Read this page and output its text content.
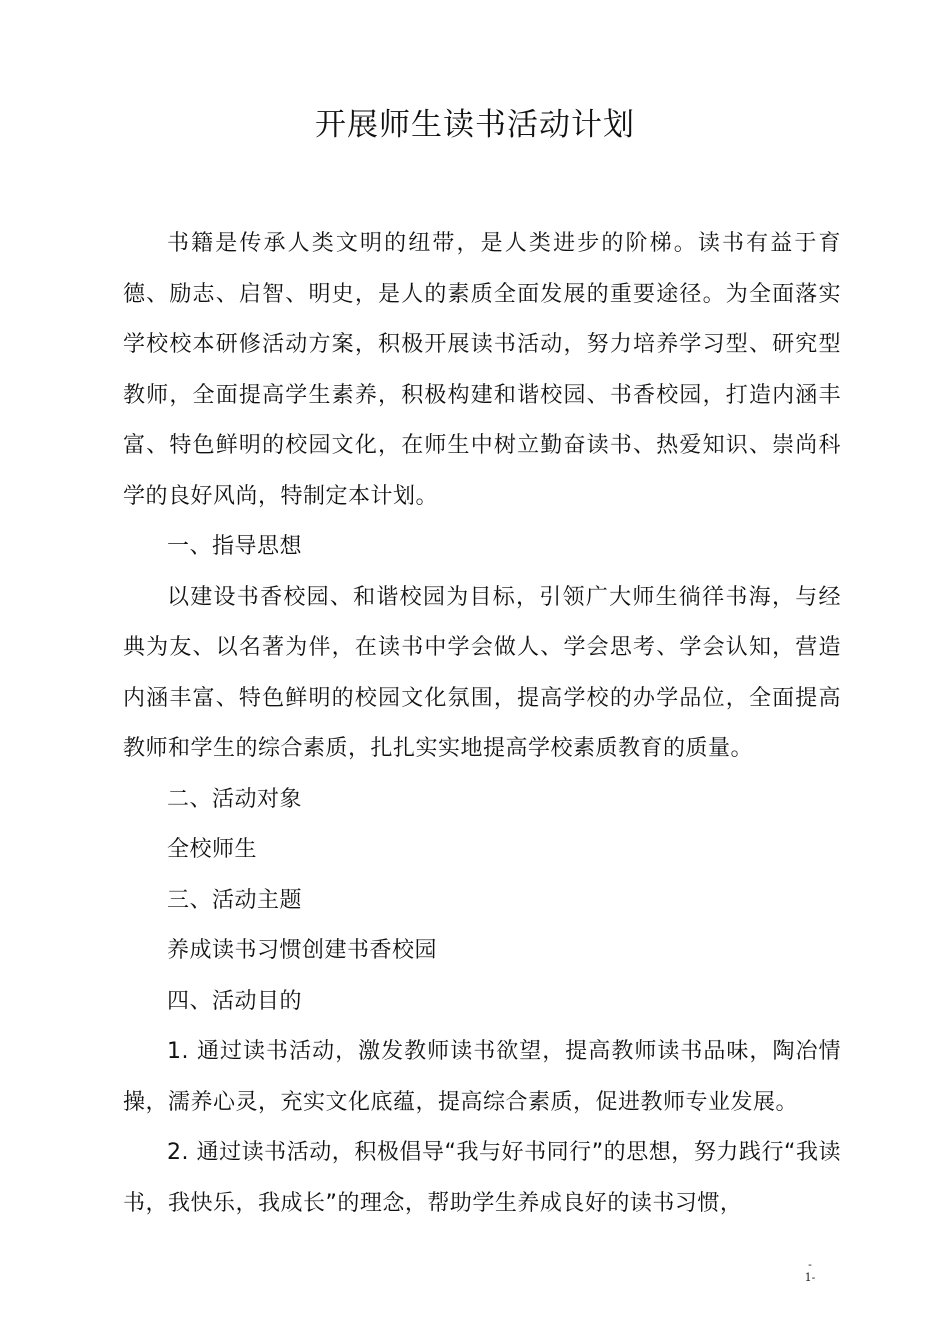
开展师生读书活动计划

书籍是传承人类文明的纽带，是人类进步的阶梯。读书有益于育德、励志、启智、明史，是人的素质全面发展的重要途径。为全面落实学校校本研修活动方案，积极开展读书活动，努力培养学习型、研究型教师，全面提高学生素养，积极构建和谐校园、书香校园，打造内涵丰富、特色鲜明的校园文化，在师生中树立勤奋读书、热爱知识、崇尚科学的良好风尚，特制定本计划。

一、指导思想

以建设书香校园、和谐校园为目标，引领广大师生徜徉书海，与经典为友、以名著为伴，在读书中学会做人、学会思考、学会认知，营造内涵丰富、特色鲜明的校园文化氛围，提高学校的办学品位，全面提高教师和学生的综合素质，扎扎实实地提高学校素质教育的质量。

二、活动对象

全校师生

三、活动主题

养成读书习惯创建书香校园

四、活动目的

1. 通过读书活动，激发教师读书欲望，提高教师读书品味，陶冶情操，濡养心灵，充实文化底蕴，提高综合素质，促进教师专业发展。

2. 通过读书活动，积极倡导“我与好书同行”的思想，努力践行“我读书，我快乐，我成长”的理念，帮助学生养成良好的读书习惯，

-
1-
